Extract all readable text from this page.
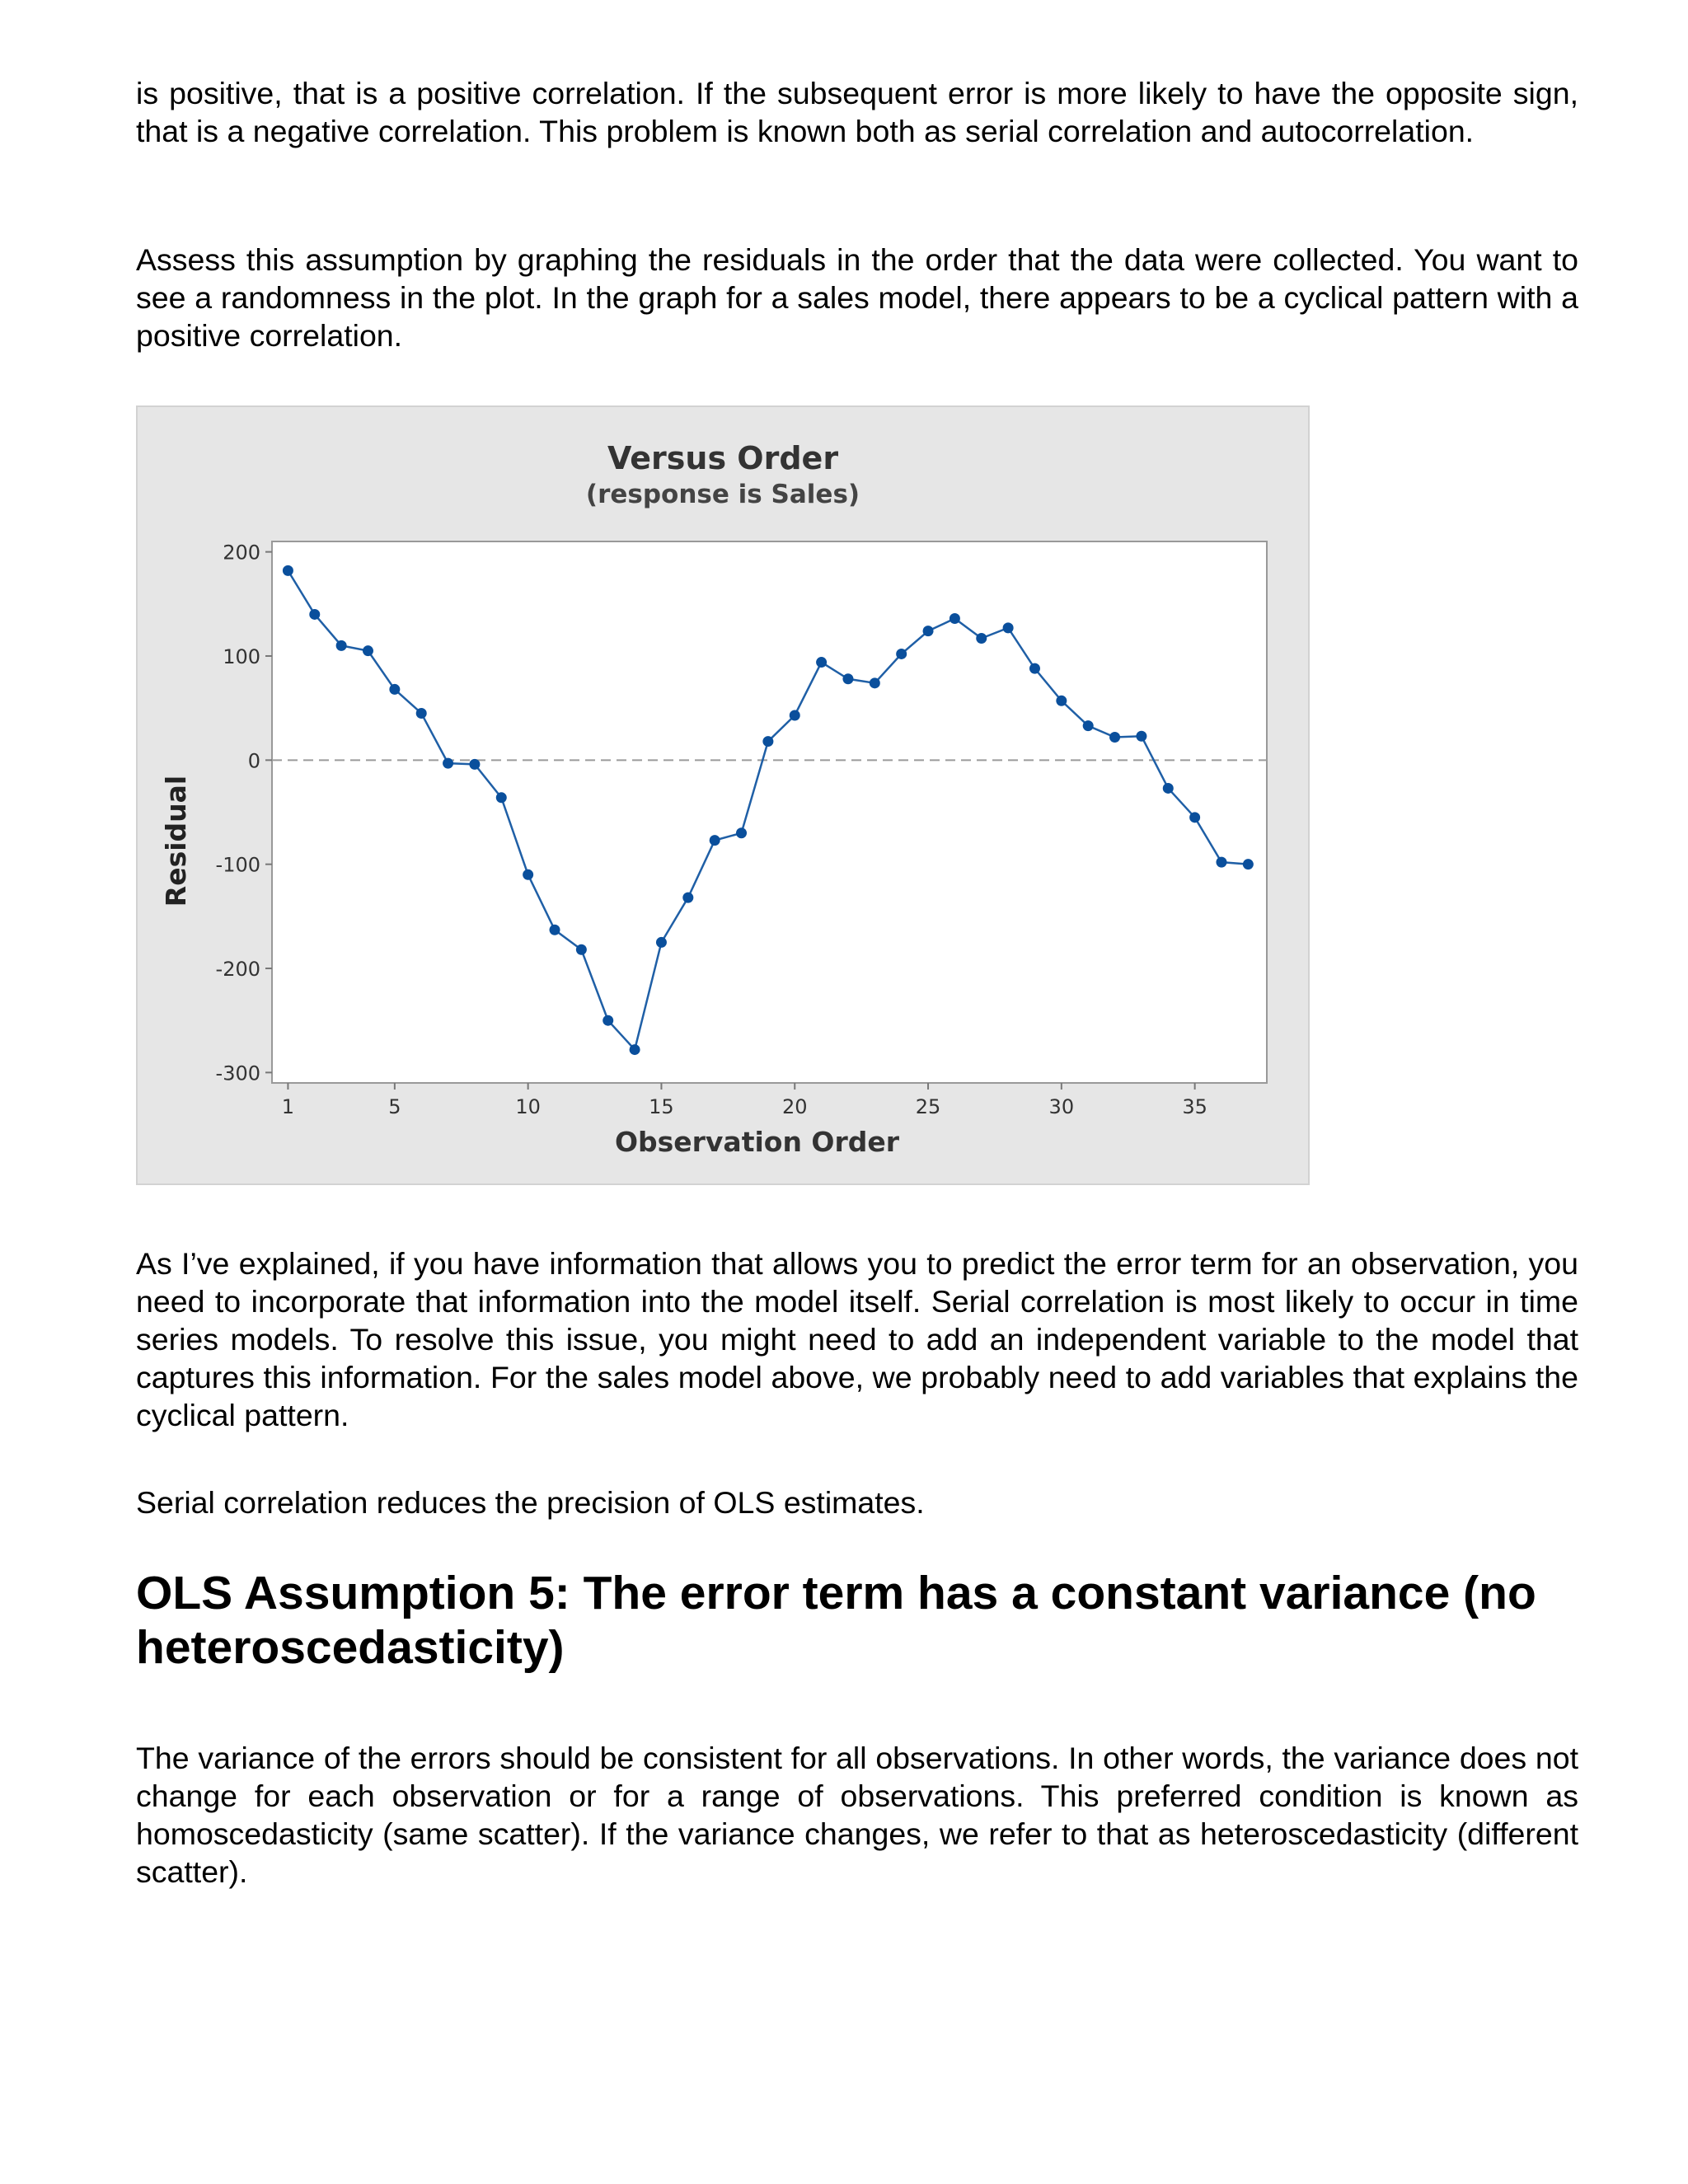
is positive, that is a positive correlation. If the subsequent error is more likely to have the opposite sign, that is a negative correlation. This problem is known both as serial correlation and autocorrelation.

Assess this assumption by graphing the residuals in the order that the data were collected. You want to see a randomness in the plot. In the graph for a sales model, there appears to be a cyclical pattern with a positive correlation.

As I’ve explained, if you have information that allows you to predict the error term for an observation, you need to incorporate that information into the model itself. Serial correlation is most likely to occur in time series models. To resolve this issue, you might need to add an independent variable to the model that captures this information. For the sales model above, we probably need to add variables that explains the cyclical pattern.

Serial correlation reduces the precision of OLS estimates.

OLS Assumption 5: The error term has a constant variance (no heteroscedasticity)

The variance of the errors should be consistent for all observations. In other words, the variance does not change for each observation or for a range of observations. This preferred condition is known as homoscedasticity (same scatter). If the variance changes, we refer to that as heteroscedasticity (different scatter).

Versus Order
(response is Sales)
200
100
0
-100
-200
-300
1	5	10	15	20	25	30	35
Observation Order
Residual
